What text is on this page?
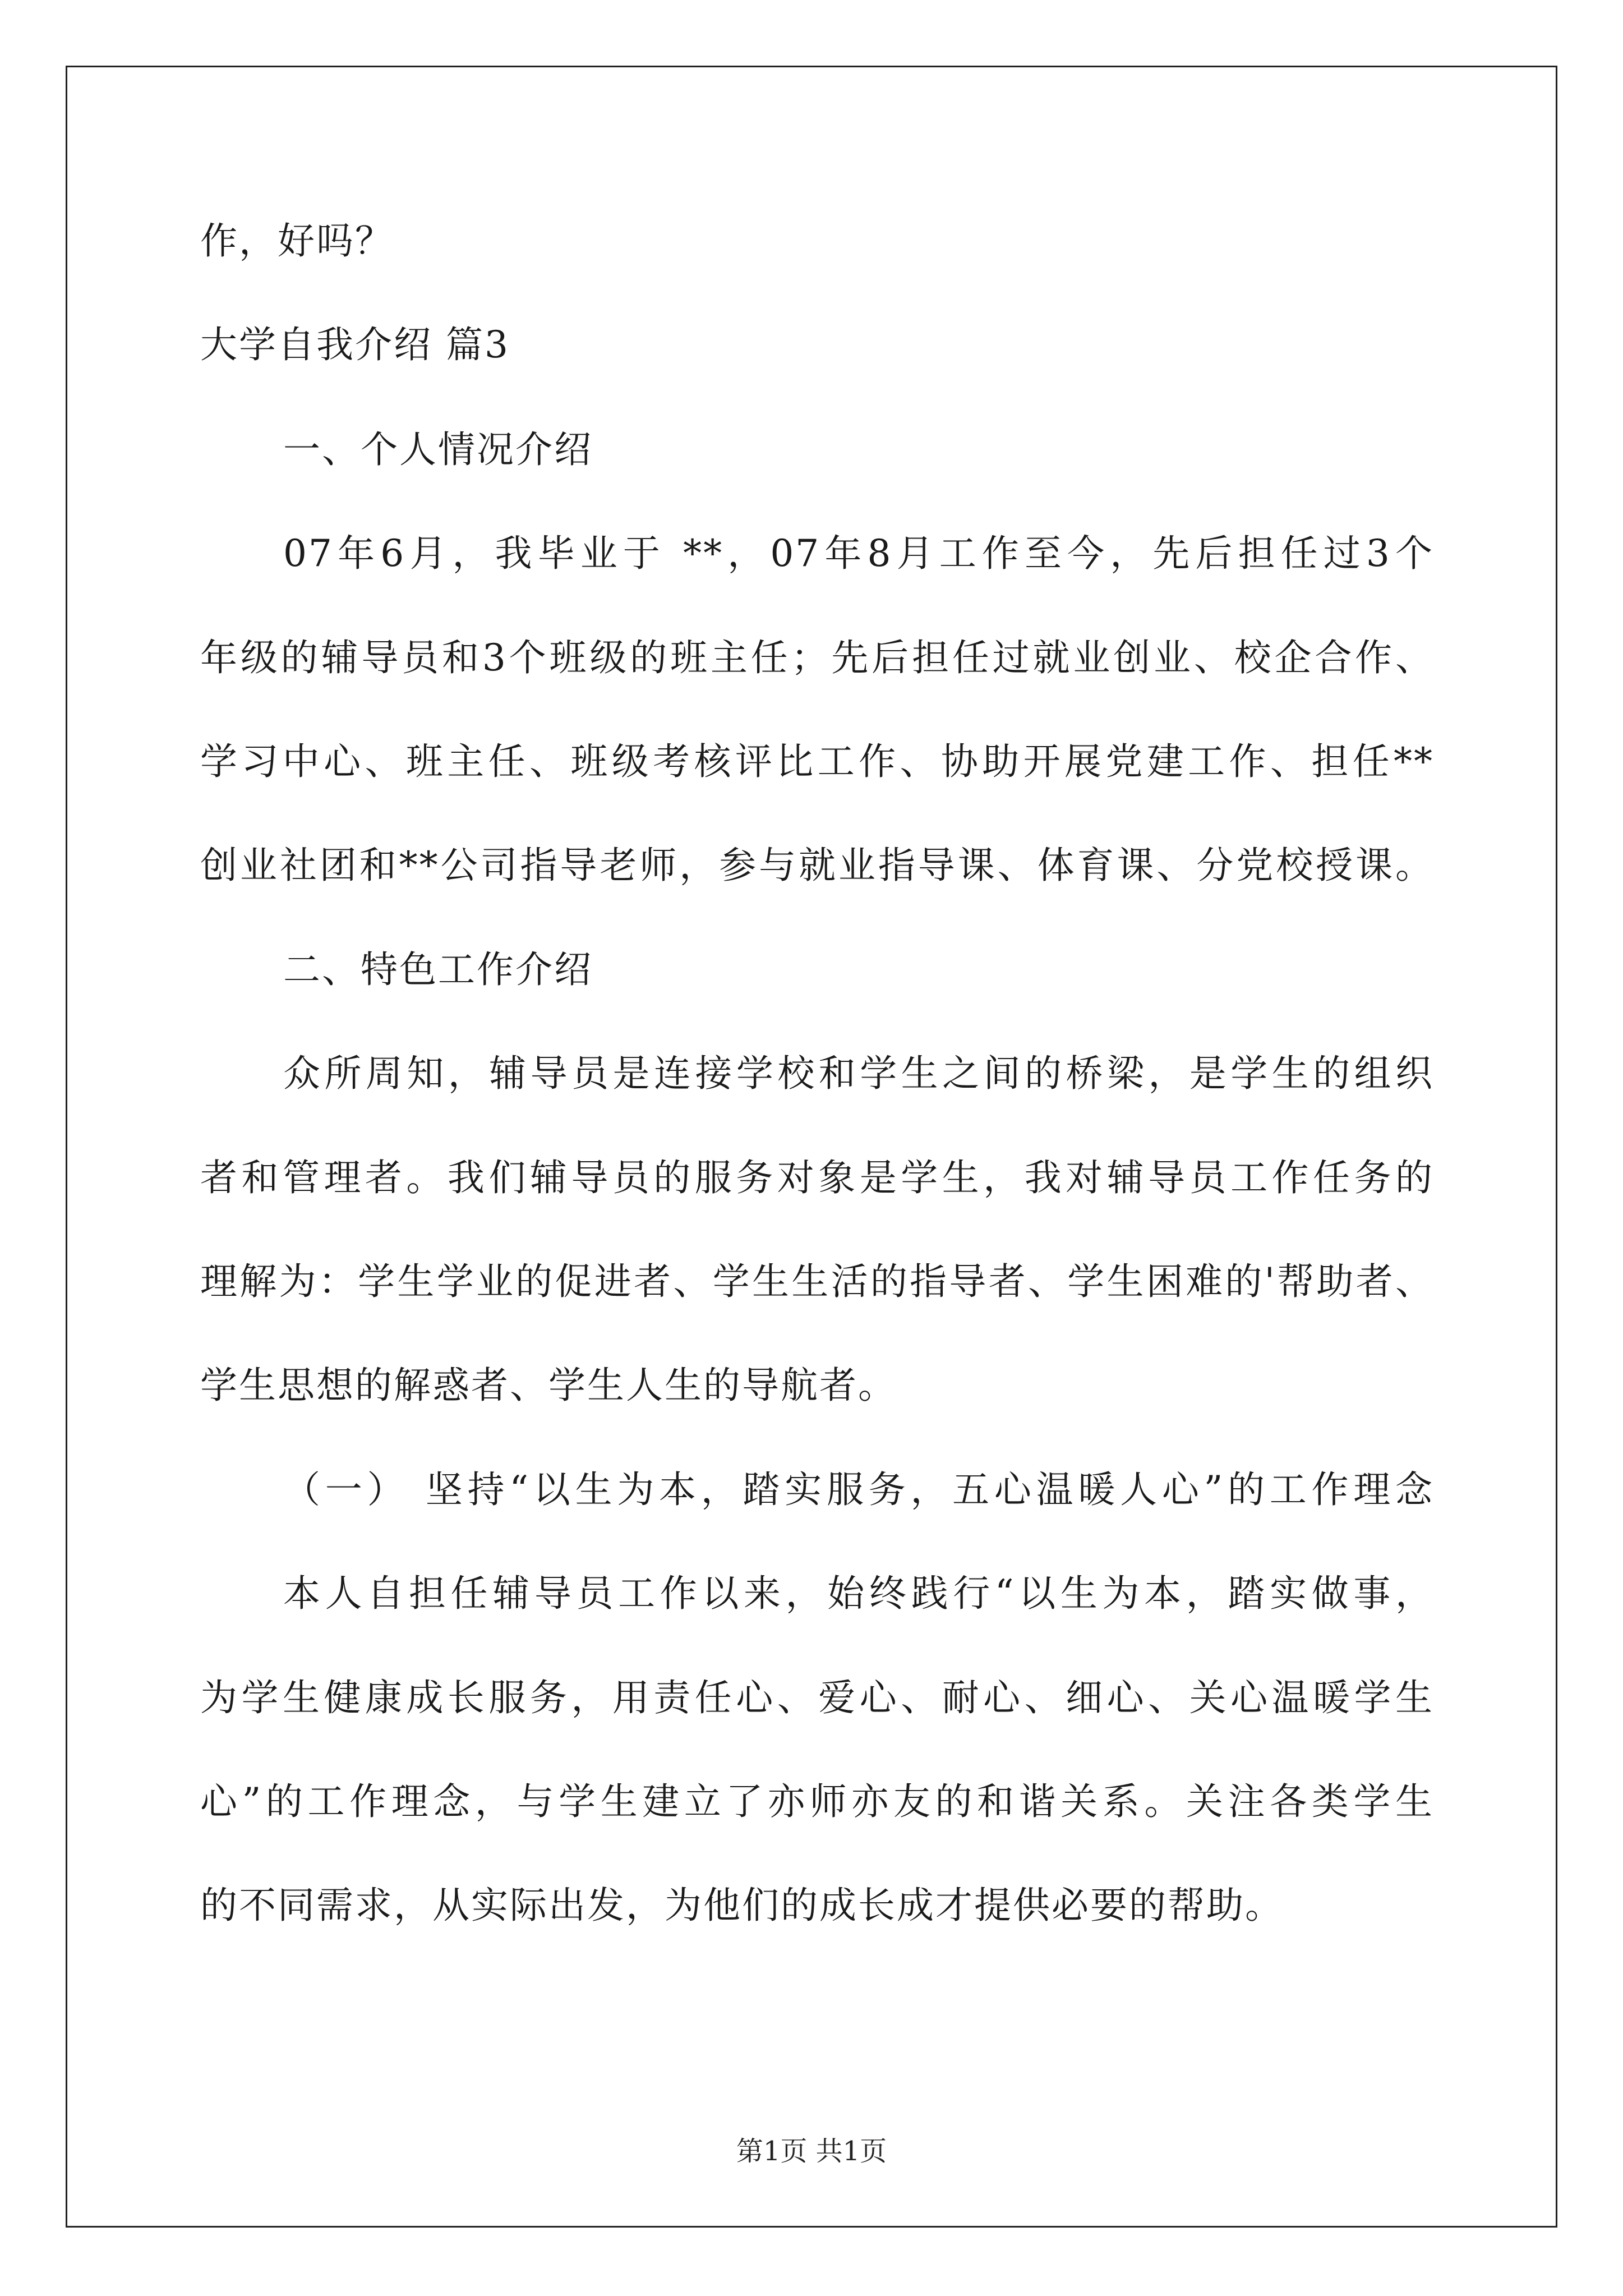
作，好吗？
大学自我介绍 篇3
一、个人情况介绍
07年6月，我毕业于 **，07年8月工作至今，先后担任过3个
年级的辅导员和3个班级的班主任；先后担任过就业创业、校企合作、
学习中心、班主任、班级考核评比工作、协助开展党建工作、担任**
创业社团和**公司指导老师，参与就业指导课、体育课、分党校授课。
二、特色工作介绍
众所周知，辅导员是连接学校和学生之间的桥梁，是学生的组织
者和管理者。我们辅导员的服务对象是学生，我对辅导员工作任务的
理解为：学生学业的促进者、学生生活的指导者、学生困难的'帮助者、
学生思想的解惑者、学生人生的导航者。
（一） 坚持“以生为本，踏实服务，五心温暖人心”的工作理念
本人自担任辅导员工作以来，始终践行“以生为本，踏实做事，
为学生健康成长服务，用责任心、爱心、耐心、细心、关心温暖学生
心”的工作理念，与学生建立了亦师亦友的和谐关系。关注各类学生
的不同需求，从实际出发，为他们的成长成才提供必要的帮助。
第1页 共1页
